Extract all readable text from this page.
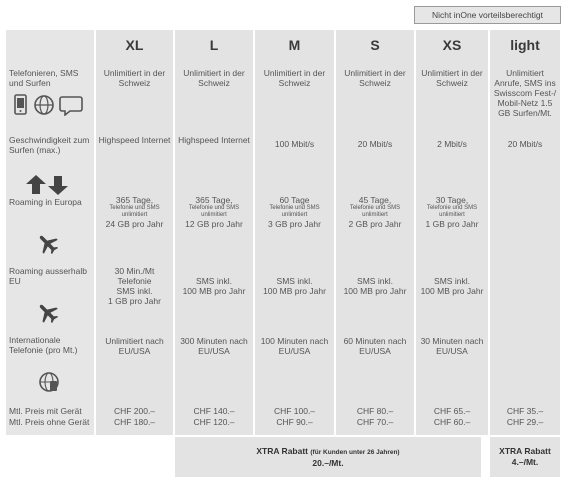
Nicht inOne vorteilsberechtigt
Telefonieren, SMS und Surfen
Geschwindigkeit zum Surfen (max.)
Roaming in Europa
Roaming ausserhalb EU
Internationale Telefonie (pro Mt.)
Mtl. Preis mit Gerät
Mtl. Preis ohne Gerät
XL
Unlimitiert in der Schweiz
Highspeed Internet
365 Tage,
Telefonie und SMS unlimitiert
24 GB pro Jahr
30 Min./Mt Telefonie
SMS inkl.
1 GB pro Jahr
Unlimitiert nach EU/USA
CHF 200.–
CHF 180.–
L
Unlimitiert in der Schweiz
Highspeed Internet
365 Tage,
Telefonie und SMS unlimitiert
12 GB pro Jahr
SMS inkl.
100 MB pro Jahr
300 Minuten nach EU/USA
CHF 140.–
CHF 120.–
M
Unlimitiert in der Schweiz
100 Mbit/s
60 Tage
Telefonie und SMS unlimitiert
3 GB pro Jahr
SMS inkl.
100 MB pro Jahr
100 Minuten nach EU/USA
CHF 100.–
CHF 90.–
S
Unlimitiert in der Schweiz
20 Mbit/s
45 Tage,
Telefonie und SMS unlimitiert
2 GB pro Jahr
SMS inkl.
100 MB pro Jahr
60 Minuten nach EU/USA
CHF 80.–
CHF 70.–
XS
Unlimitiert in der Schweiz
2 Mbit/s
30 Tage,
Telefonie und SMS unlimitiert
1 GB pro Jahr
SMS inkl.
100 MB pro Jahr
30 Minuten nach EU/USA
CHF 65.–
CHF 60.–
light
Unlimitiert Anrufe, SMS ins Swisscom Fest-/ Mobil-Netz 1.5 GB Surfen/Mt.
20 Mbit/s
CHF 35.–
CHF 29.–
XTRA Rabatt (für Kunden unter 26 Jahren)
20.–/Mt.
XTRA Rabatt
4.–/Mt.
